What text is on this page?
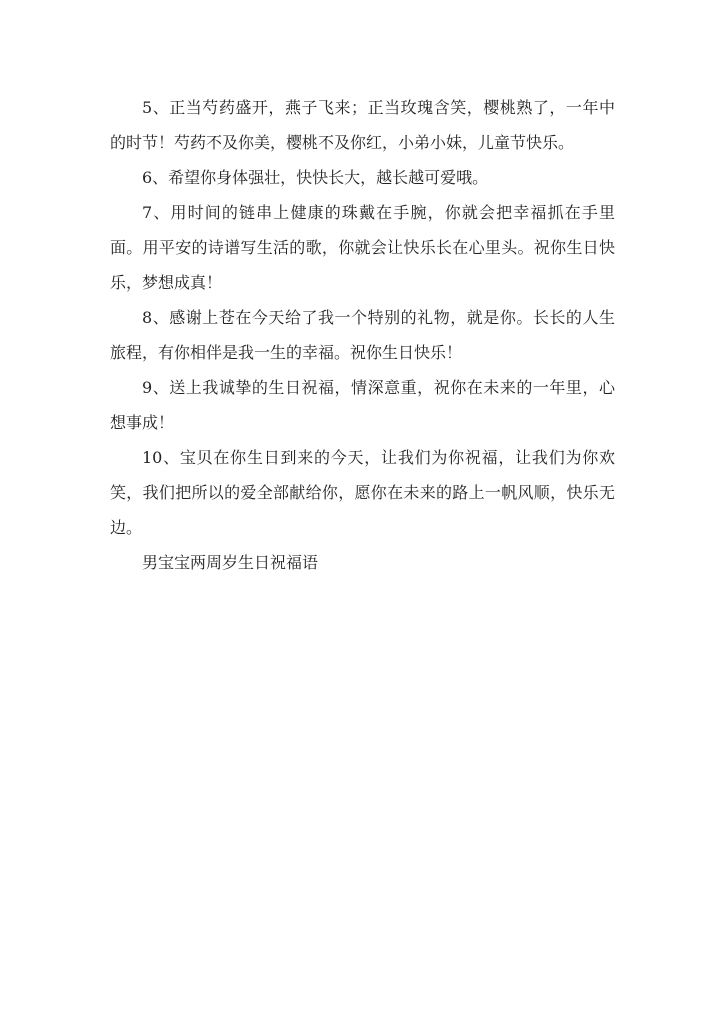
5、正当芍药盛开，燕子飞来；正当玫瑰含笑，樱桃熟了，一年中的时节！芍药不及你美，樱桃不及你红，小弟小妹，儿童节快乐。

6、希望你身体强壮，快快长大，越长越可爱哦。

7、用时间的链串上健康的珠戴在手腕，你就会把幸福抓在手里面。用平安的诗谱写生活的歌，你就会让快乐长在心里头。祝你生日快乐，梦想成真！

8、感谢上苍在今天给了我一个特别的礼物，就是你。长长的人生旅程，有你相伴是我一生的幸福。祝你生日快乐！

9、送上我诚挚的生日祝福，情深意重，祝你在未来的一年里，心想事成！

10、宝贝在你生日到来的今天，让我们为你祝福，让我们为你欢笑，我们把所以的爱全部献给你，愿你在未来的路上一帆风顺，快乐无边。

男宝宝两周岁生日祝福语
